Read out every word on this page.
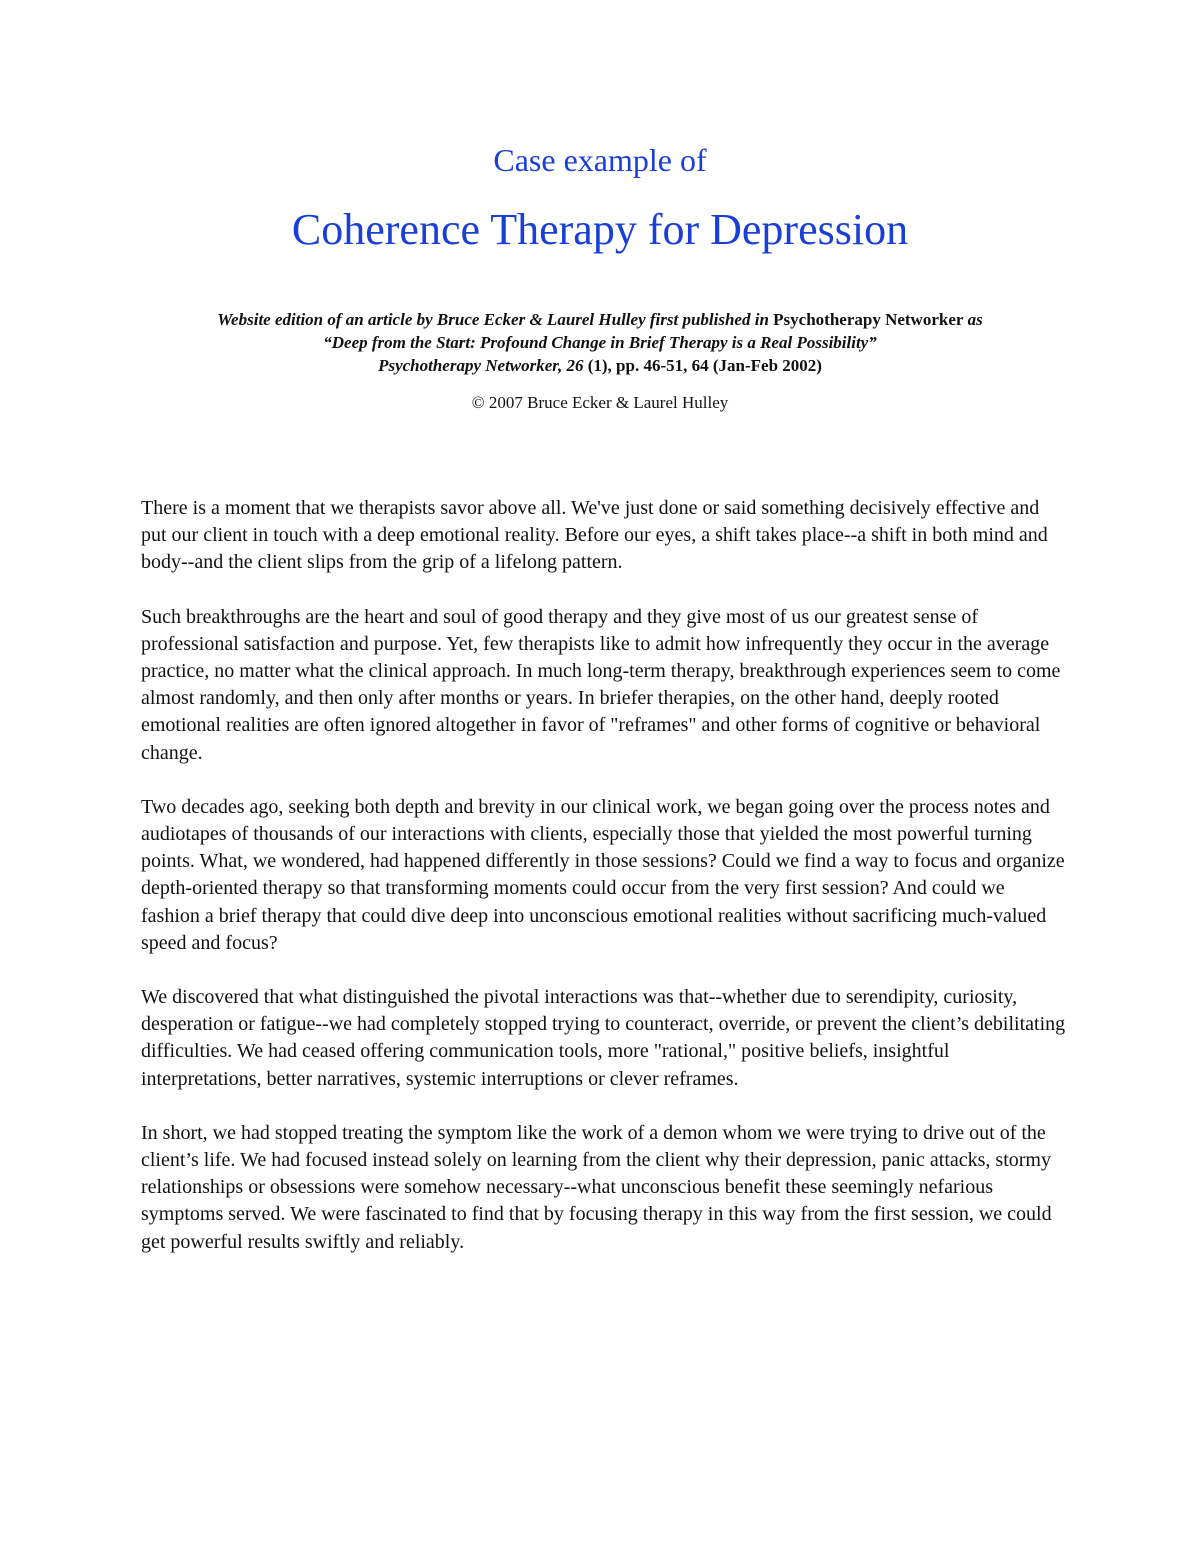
Case example of
Coherence Therapy for Depression
Website edition of an article by Bruce Ecker & Laurel Hulley first published in Psychotherapy Networker as
“Deep from the Start: Profound Change in Brief Therapy is a Real Possibility”
Psychotherapy Networker, 26 (1), pp. 46-51, 64 (Jan-Feb 2002)
© 2007 Bruce Ecker & Laurel Hulley

There is a moment that we therapists savor above all. We've just done or said something decisively effective and put our client in touch with a deep emotional reality. Before our eyes, a shift takes place--a shift in both mind and body--and the client slips from the grip of a lifelong pattern.

Such breakthroughs are the heart and soul of good therapy and they give most of us our greatest sense of professional satisfaction and purpose. Yet, few therapists like to admit how infrequently they occur in the average practice, no matter what the clinical approach. In much long-term therapy, breakthrough experiences seem to come almost randomly, and then only after months or years. In briefer therapies, on the other hand, deeply rooted emotional realities are often ignored altogether in favor of "reframes" and other forms of cognitive or behavioral change.

Two decades ago, seeking both depth and brevity in our clinical work, we began going over the process notes and audiotapes of thousands of our interactions with clients, especially those that yielded the most powerful turning points. What, we wondered, had happened differently in those sessions? Could we find a way to focus and organize depth-oriented therapy so that transforming moments could occur from the very first session? And could we fashion a brief therapy that could dive deep into unconscious emotional realities without sacrificing much-valued speed and focus?

We discovered that what distinguished the pivotal interactions was that--whether due to serendipity, curiosity, desperation or fatigue--we had completely stopped trying to counteract, override, or prevent the client’s debilitating difficulties. We had ceased offering communication tools, more "rational," positive beliefs, insightful interpretations, better narratives, systemic interruptions or clever reframes.

In short, we had stopped treating the symptom like the work of a demon whom we were trying to drive out of the client’s life. We had focused instead solely on learning from the client why their depression, panic attacks, stormy relationships or obsessions were somehow necessary--what unconscious benefit these seemingly nefarious symptoms served. We were fascinated to find that by focusing therapy in this way from the first session, we could get powerful results swiftly and reliably.
